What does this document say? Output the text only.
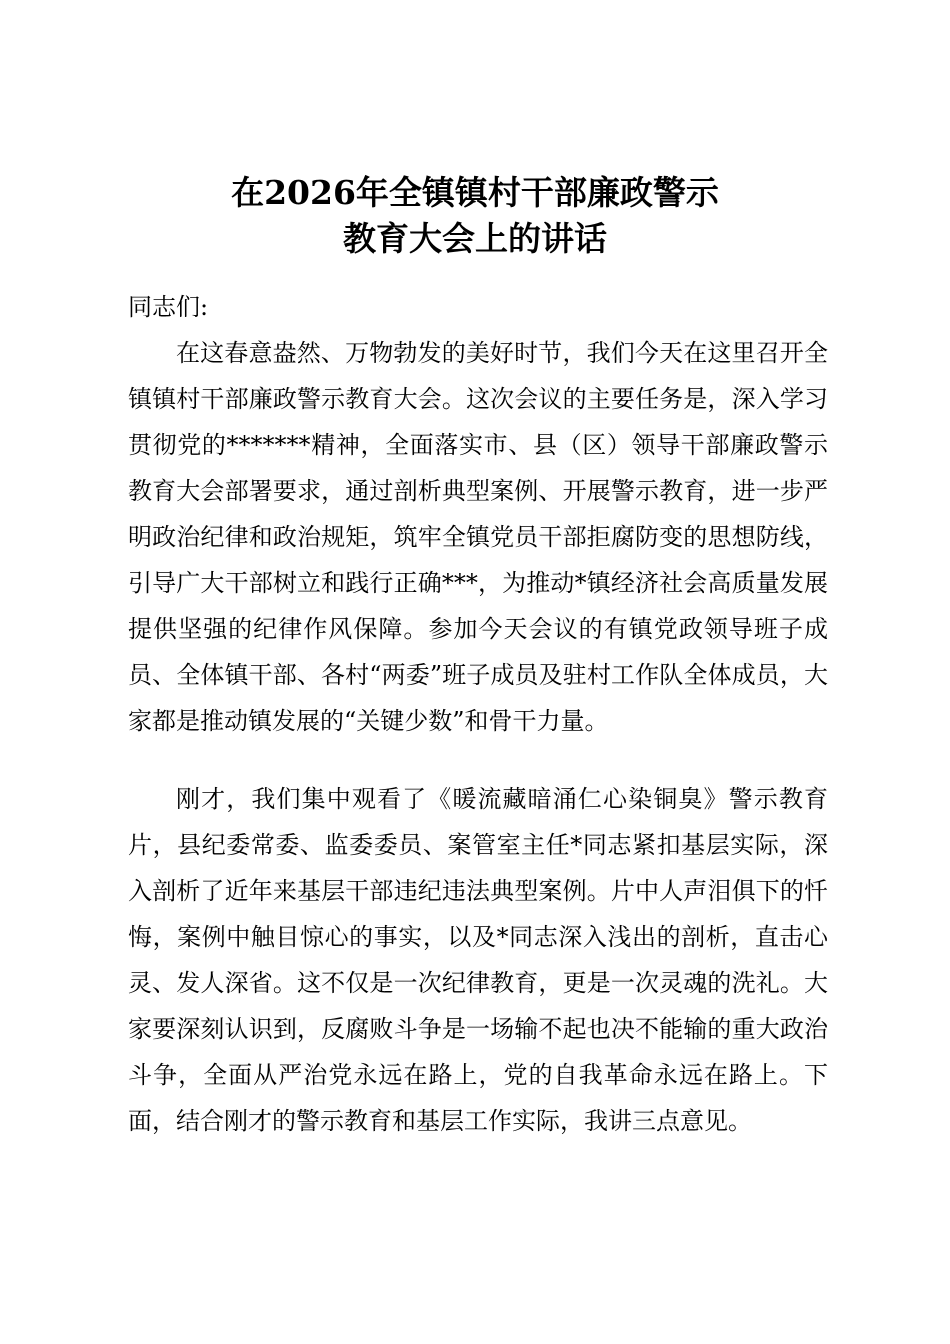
在2026年全镇镇村干部廉政警示
教育大会上的讲话

同志们:

在这春意盎然、万物勃发的美好时节，我们今天在这里召开全镇镇村干部廉政警示教育大会。这次会议的主要任务是，深入学习贯彻党的*******精神，全面落实市、县（区）领导干部廉政警示教育大会部署要求，通过剖析典型案例、开展警示教育，进一步严明政治纪律和政治规矩，筑牢全镇党员干部拒腐防变的思想防线，引导广大干部树立和践行正确***，为推动*镇经济社会高质量发展提供坚强的纪律作风保障。参加今天会议的有镇党政领导班子成员、全体镇干部、各村“两委”班子成员及驻村工作队全体成员，大家都是推动镇发展的“关键少数”和骨干力量。

刚才，我们集中观看了《暖流藏暗涌仁心染铜臭》警示教育片，县纪委常委、监委委员、案管室主任*同志紧扣基层实际，深入剖析了近年来基层干部违纪违法典型案例。片中人声泪俱下的忏悔，案例中触目惊心的事实，以及*同志深入浅出的剖析，直击心灵、发人深省。这不仅是一次纪律教育，更是一次灵魂的洗礼。大家要深刻认识到，反腐败斗争是一场输不起也决不能输的重大政治斗争，全面从严治党永远在路上，党的自我革命永远在路上。下面，结合刚才的警示教育和基层工作实际，我讲三点意见。
